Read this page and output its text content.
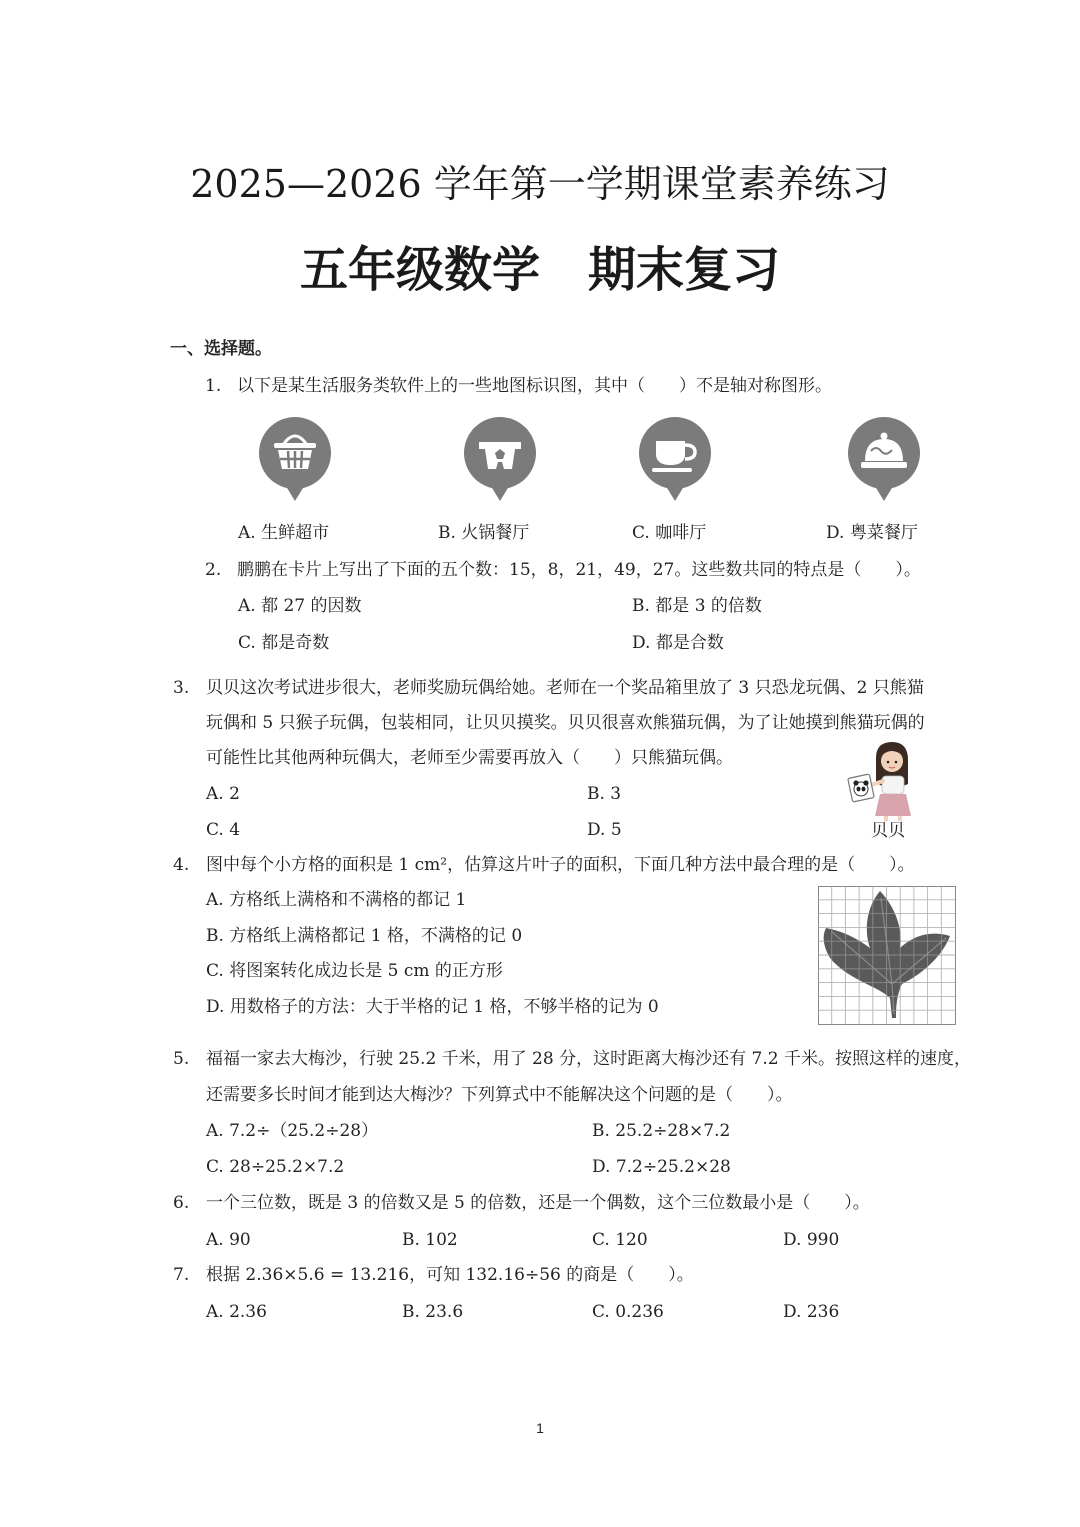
2025—2026 学年第一学期课堂素养练习
五年级数学　期末复习
一、选择题。
1. 以下是某生活服务类软件上的一些地图标识图，其中（　　）不是轴对称图形。
A. 生鲜超市	B. 火锅餐厅	C. 咖啡厅	D. 粤菜餐厅
2. 鹏鹏在卡片上写出了下面的五个数：15，8，21，49，27。这些数共同的特点是（　　）。
A. 都 27 的因数	B. 都是 3 的倍数
C. 都是奇数	D. 都是合数
3. 贝贝这次考试进步很大，老师奖励玩偶给她。老师在一个奖品箱里放了 3 只恐龙玩偶、2 只熊猫
玩偶和 5 只猴子玩偶，包装相同，让贝贝摸奖。贝贝很喜欢熊猫玩偶，为了让她摸到熊猫玩偶的
可能性比其他两种玩偶大，老师至少需要再放入（　　）只熊猫玩偶。
A. 2	B. 3
C. 4	D. 5	贝贝
4. 图中每个小方格的面积是 1 cm²，估算这片叶子的面积，下面几种方法中最合理的是（　　）。
A. 方格纸上满格和不满格的都记 1
B. 方格纸上满格都记 1 格，不满格的记 0
C. 将图案转化成边长是 5 cm 的正方形
D. 用数格子的方法：大于半格的记 1 格，不够半格的记为 0
5. 福福一家去大梅沙，行驶 25.2 千米，用了 28 分，这时距离大梅沙还有 7.2 千米。按照这样的速度，
还需要多长时间才能到达大梅沙？下列算式中不能解决这个问题的是（　　）。
A. 7.2÷（25.2÷28）	B. 25.2÷28×7.2
C. 28÷25.2×7.2	D. 7.2÷25.2×28
6. 一个三位数，既是 3 的倍数又是 5 的倍数，还是一个偶数，这个三位数最小是（　　）。
A. 90	B. 102	C. 120	D. 990
7. 根据 2.36×5.6 = 13.216，可知 132.16÷56 的商是（　　）。
A. 2.36	B. 23.6	C. 0.236	D. 236
1
